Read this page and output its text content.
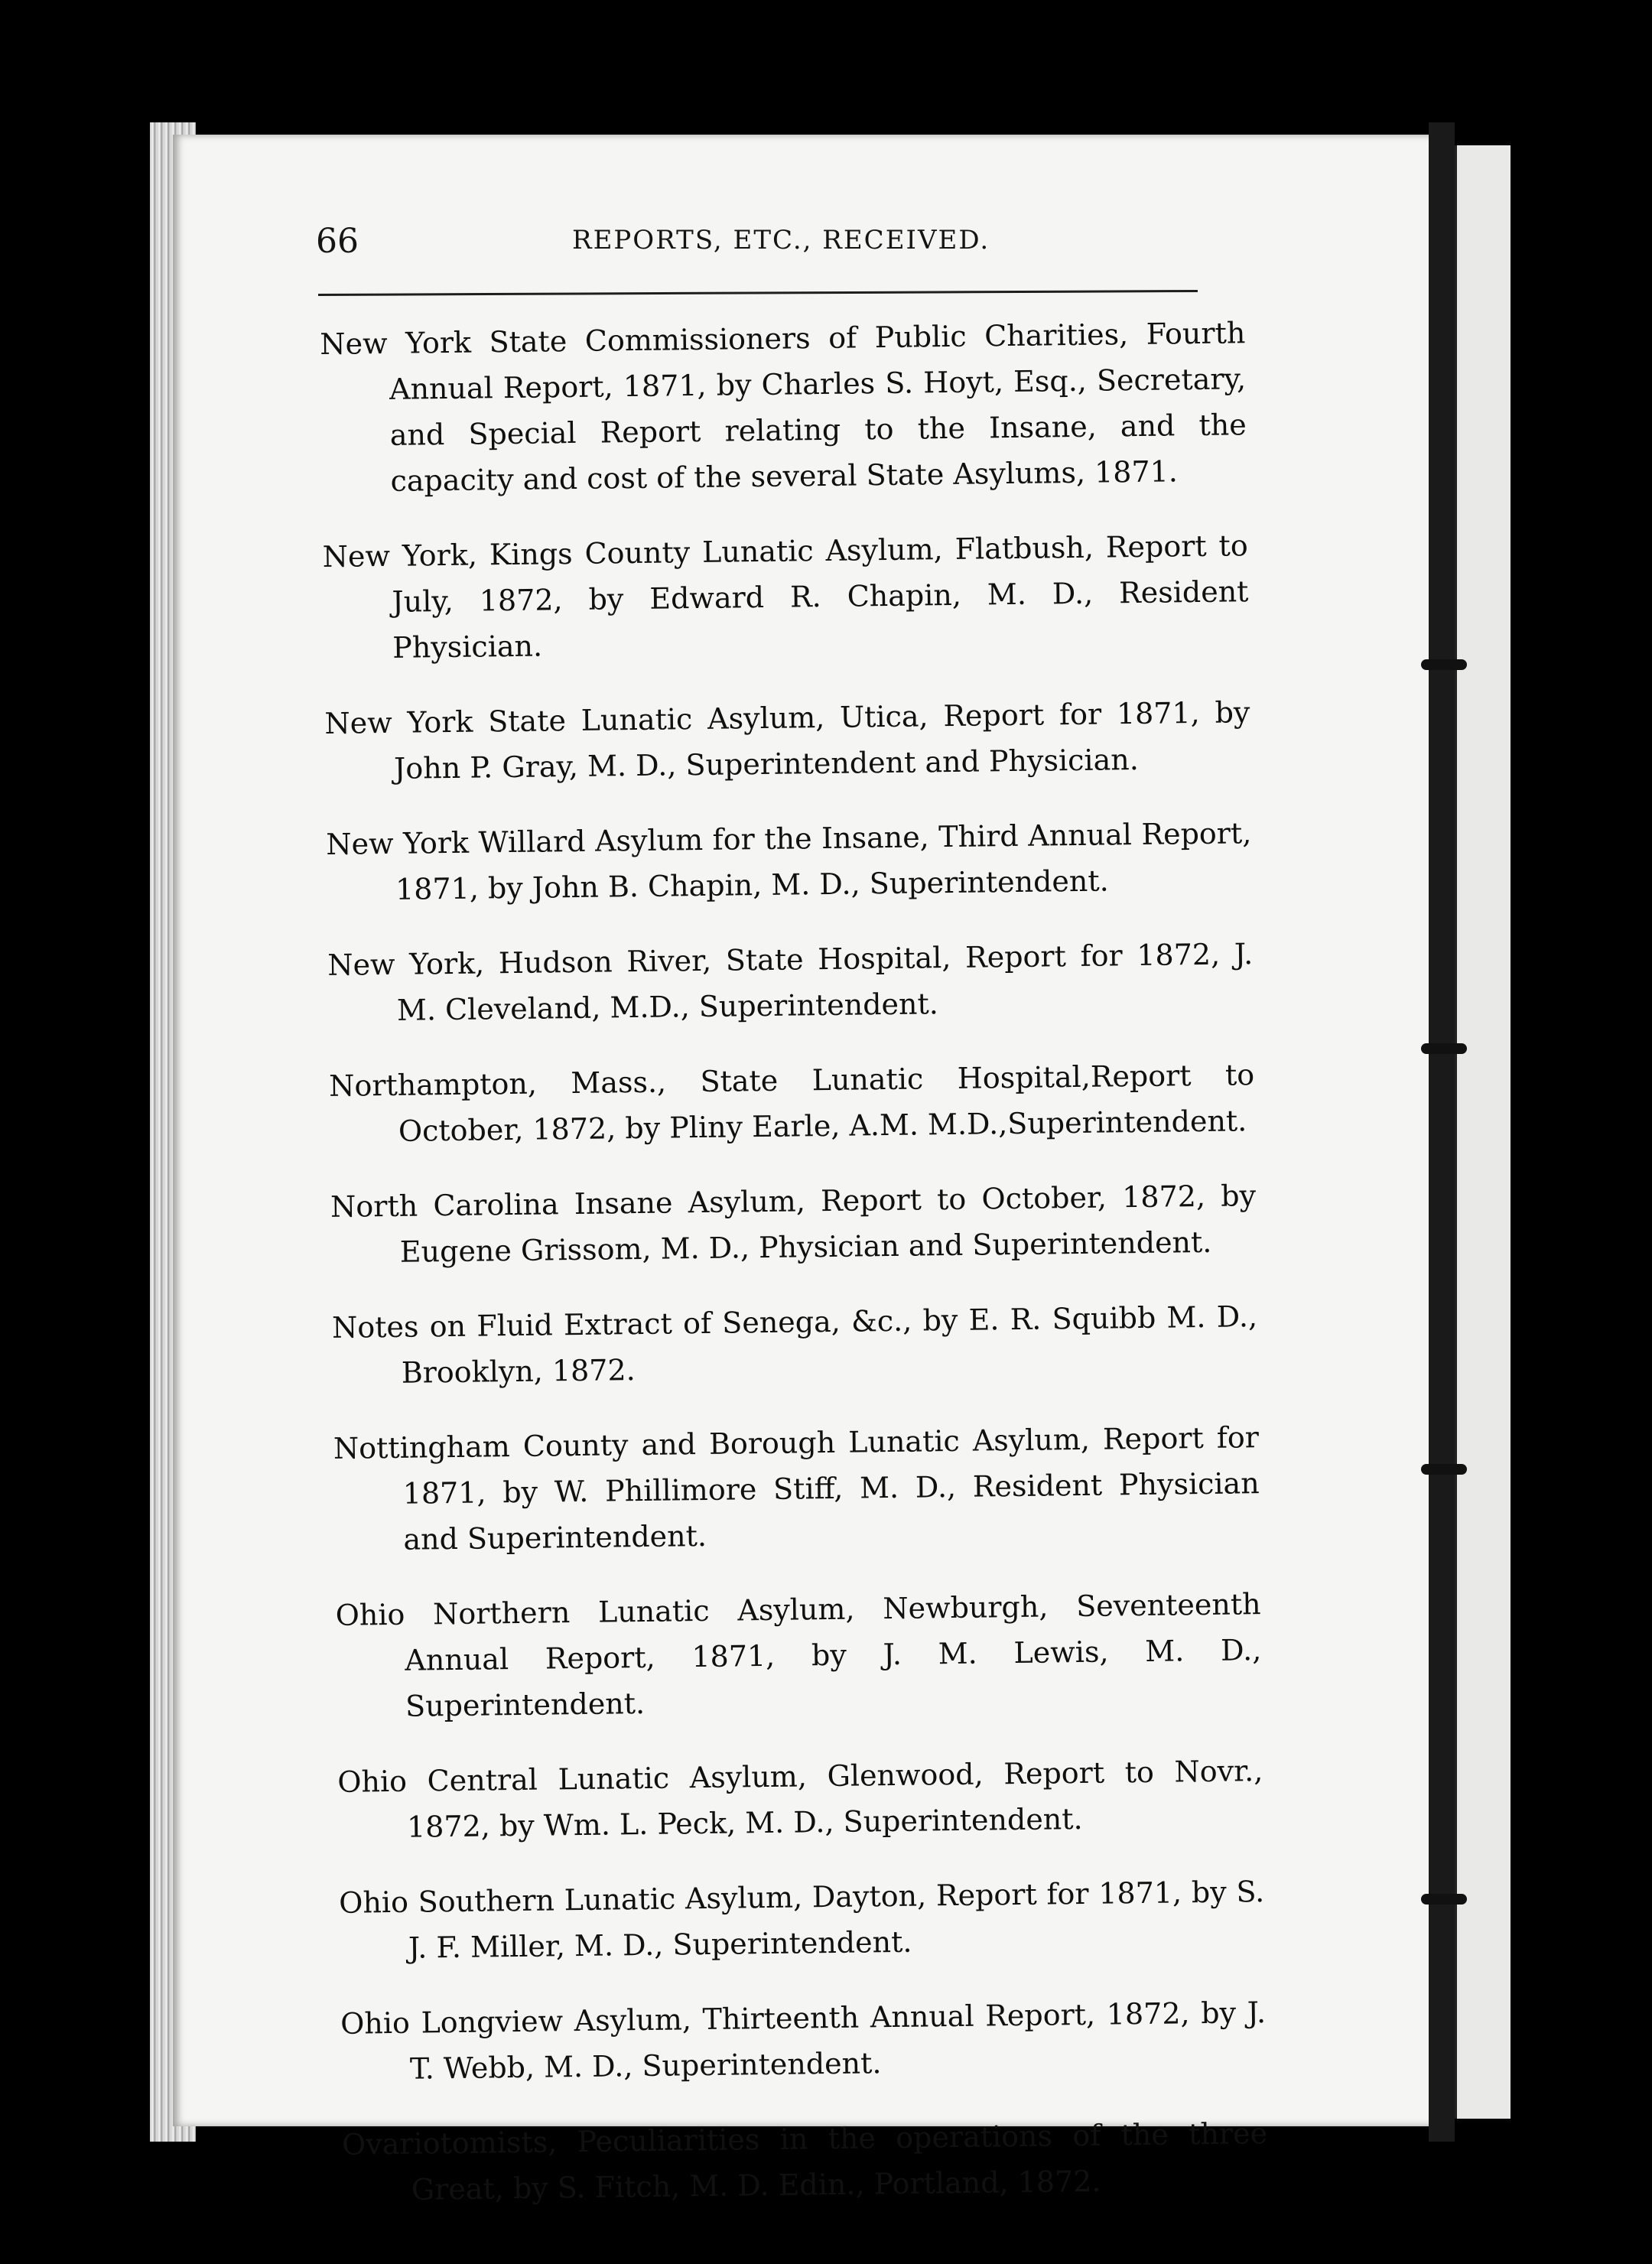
66	REPORTS, ETC., RECEIVED.

New York State Commissioners of Public Charities, Fourth Annual Report, 1871, by Charles S. Hoyt, Esq., Secretary, and Special Report relating to the Insane, and the capacity and cost of the several State Asylums, 1871.

New York, Kings County Lunatic Asylum, Flatbush, Report to July, 1872, by Edward R. Chapin, M. D., Resident Physician.

New York State Lunatic Asylum, Utica, Report for 1871, by John P. Gray, M. D., Superintendent and Physician.

New York Willard Asylum for the Insane, Third Annual Report, 1871, by John B. Chapin, M. D., Superintendent.

New York, Hudson River, State Hospital, Report for 1872, J. M. Cleveland, M.D., Superintendent.

Northampton, Mass., State Lunatic Hospital,Report to October, 1872, by Pliny Earle, A.M. M.D.,Superintendent.

North Carolina Insane Asylum, Report to October, 1872, by Eugene Grissom, M. D., Physician and Superintendent.

Notes on Fluid Extract of Senega, &c., by E. R. Squibb M. D., Brooklyn, 1872.

Nottingham County and Borough Lunatic Asylum, Report for 1871, by W. Phillimore Stiff, M. D., Resident Physician and Superintendent.

Ohio Northern Lunatic Asylum, Newburgh, Seventeenth Annual Report, 1871, by J. M. Lewis, M. D., Superintendent.

Ohio Central Lunatic Asylum, Glenwood, Report to Novr., 1872, by Wm. L. Peck, M. D., Superintendent.

Ohio Southern Lunatic Asylum, Dayton, Report for 1871, by S. J. F. Miller, M. D., Superintendent.

Ohio Longview Asylum, Thirteenth Annual Report, 1872, by J. T. Webb, M. D., Superintendent.

Ovariotomists, Peculiarities in the operations of the three Great, by S. Fitch, M. D. Edin., Portland, 1872.
